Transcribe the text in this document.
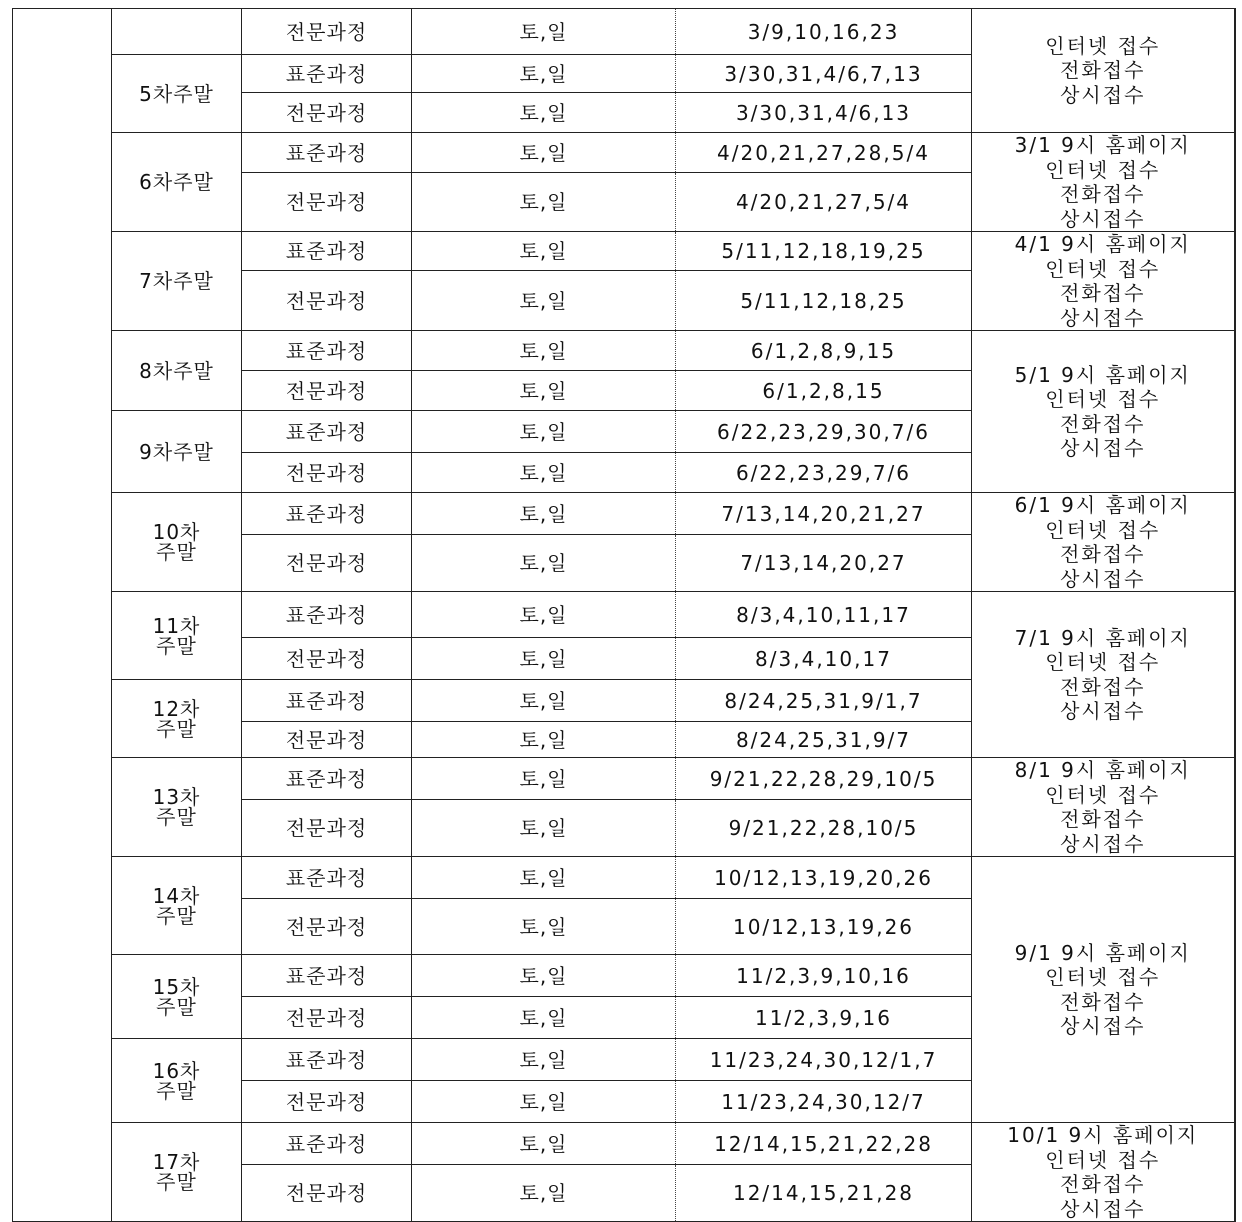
	전문과정	토,일	3/9,10,16,23	인터넷 접수
전화접수
상시접수

	5차주말	표준과정	토,일	3/30,31,4/6,7,13	
		전문과정	토,일	3/30,31,4/6,13	

	6차주말	표준과정	토,일	4/20,21,27,28,5/4	3/1 9시 홈페이지
인터넷 접수
전화접수
상시접수

		전문과정	토,일	4/20,21,27,5/4	

	7차주말	표준과정	토,일	5/11,12,18,19,25	4/1 9시 홈페이지
인터넷 접수
전화접수
상시접수

		전문과정	토,일	5/11,12,18,25	

	8차주말	표준과정	토,일	6/1,2,8,9,15	5/1 9시 홈페이지
인터넷 접수
전화접수
상시접수

		전문과정	토,일	6/1,2,8,15	

	9차주말	표준과정	토,일	6/22,23,29,30,7/6	
		전문과정	토,일	6/22,23,29,7/6	

	10차
주말	표준과정	토,일	7/13,14,20,21,27	6/1 9시 홈페이지
인터넷 접수
전화접수
상시접수

		전문과정	토,일	7/13,14,20,27	

	11차
주말	표준과정	토,일	8/3,4,10,11,17	7/1 9시 홈페이지
인터넷 접수
전화접수
상시접수

		전문과정	토,일	8/3,4,10,17	

	12차
주말	표준과정	토,일	8/24,25,31,9/1,7	
		전문과정	토,일	8/24,25,31,9/7	

	13차
주말	표준과정	토,일	9/21,22,28,29,10/5	8/1 9시 홈페이지
인터넷 접수
전화접수
상시접수

		전문과정	토,일	9/21,22,28,10/5	

	14차
주말	표준과정	토,일	10/12,13,19,20,26	9/1 9시 홈페이지
인터넷 접수
전화접수
상시접수

		전문과정	토,일	10/12,13,19,26	

	15차
주말	표준과정	토,일	11/2,3,9,10,16	
		전문과정	토,일	11/2,3,9,16	

	16차
주말	표준과정	토,일	11/23,24,30,12/1,7	
		전문과정	토,일	11/23,24,30,12/7	

	17차
주말	표준과정	토,일	12/14,15,21,22,28	10/1 9시 홈페이지
인터넷 접수
전화접수
상시접수

		전문과정	토,일	12/14,15,21,28	
